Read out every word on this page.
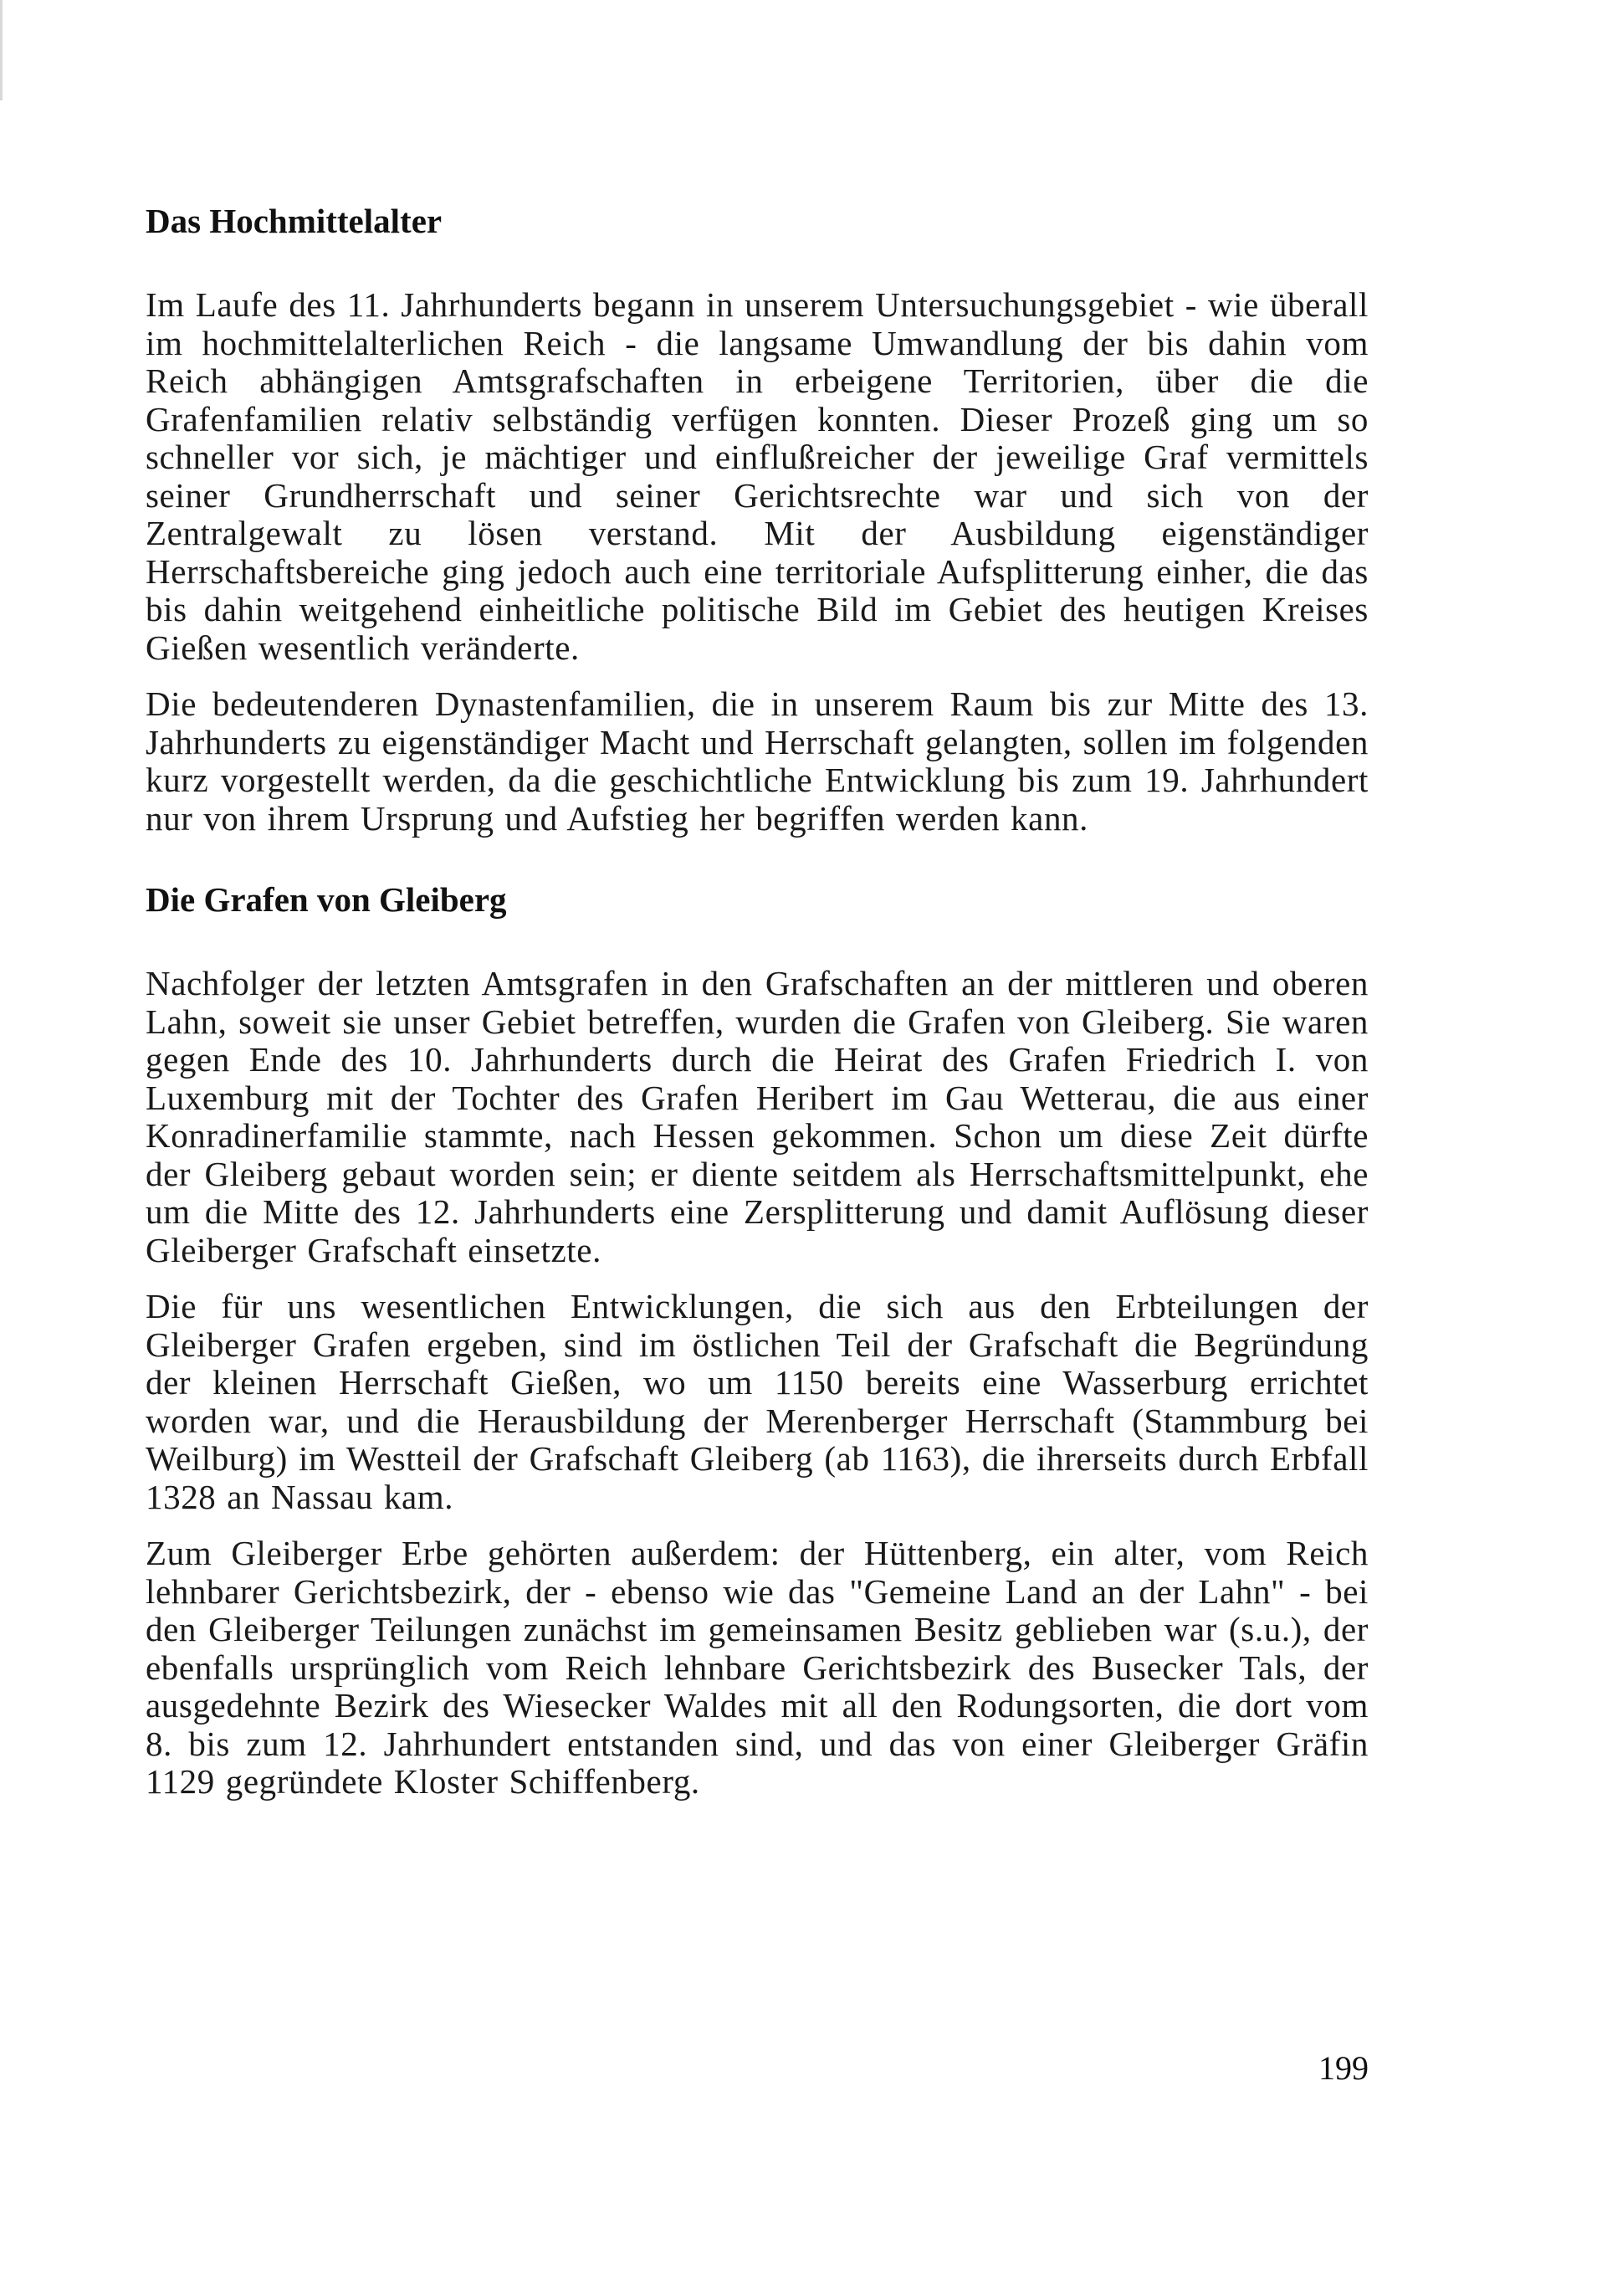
Das Hochmittelalter

Im Laufe des 11. Jahrhunderts begann in unserem Untersuchungsgebiet - wie überall im hochmittelalterlichen Reich - die langsame Umwandlung der bis dahin vom Reich abhängigen Amtsgrafschaften in erbeigene Territorien, über die die Grafenfamilien relativ selbständig verfügen konnten. Dieser Prozeß ging um so schneller vor sich, je mächtiger und einflußreicher der jeweilige Graf vermittels seiner Grundherrschaft und seiner Gerichtsrechte war und sich von der Zentralgewalt zu lösen verstand. Mit der Ausbildung eigenständiger Herrschaftsbereiche ging jedoch auch eine territoriale Aufsplitterung einher, die das bis dahin weitgehend einheitliche politische Bild im Gebiet des heutigen Kreises Gießen wesentlich veränderte.

Die bedeutenderen Dynastenfamilien, die in unserem Raum bis zur Mitte des 13. Jahrhunderts zu eigenständiger Macht und Herrschaft gelangten, sollen im folgenden kurz vorgestellt werden, da die geschichtliche Entwicklung bis zum 19. Jahrhundert nur von ihrem Ursprung und Aufstieg her begriffen werden kann.

Die Grafen von Gleiberg

Nachfolger der letzten Amtsgrafen in den Grafschaften an der mittleren und oberen Lahn, soweit sie unser Gebiet betreffen, wurden die Grafen von Gleiberg. Sie waren gegen Ende des 10. Jahrhunderts durch die Heirat des Grafen Friedrich I. von Luxemburg mit der Tochter des Grafen Heribert im Gau Wetterau, die aus einer Konradinerfamilie stammte, nach Hessen gekommen. Schon um diese Zeit dürfte der Gleiberg gebaut worden sein; er diente seitdem als Herrschaftsmittelpunkt, ehe um die Mitte des 12. Jahrhunderts eine Zersplitterung und damit Auflösung dieser Gleiberger Grafschaft einsetzte.

Die für uns wesentlichen Entwicklungen, die sich aus den Erbteilungen der Gleiberger Grafen ergeben, sind im östlichen Teil der Grafschaft die Begründung der kleinen Herrschaft Gießen, wo um 1150 bereits eine Wasserburg errichtet worden war, und die Herausbildung der Merenberger Herrschaft (Stammburg bei Weilburg) im Westteil der Grafschaft Gleiberg (ab 1163), die ihrerseits durch Erbfall 1328 an Nassau kam.

Zum Gleiberger Erbe gehörten außerdem: der Hüttenberg, ein alter, vom Reich lehnbarer Gerichtsbezirk, der - ebenso wie das "Gemeine Land an der Lahn" - bei den Gleiberger Teilungen zunächst im gemeinsamen Besitz geblieben war (s.u.), der ebenfalls ursprünglich vom Reich lehnbare Gerichtsbezirk des Busecker Tals, der ausgedehnte Bezirk des Wiesecker Waldes mit all den Rodungsorten, die dort vom 8. bis zum 12. Jahrhundert entstanden sind, und das von einer Gleiberger Gräfin 1129 gegründete Kloster Schiffenberg.

199
